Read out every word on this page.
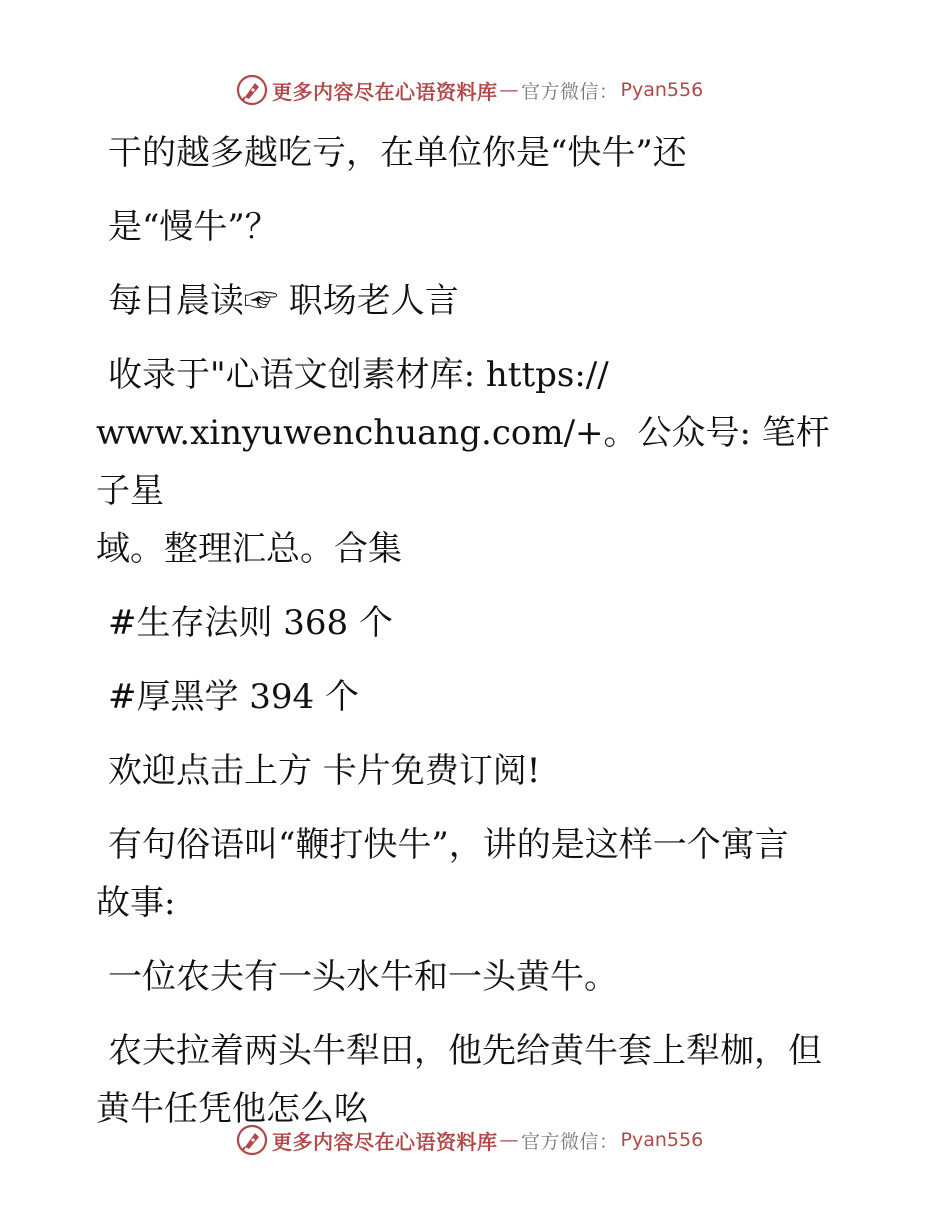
更多内容尽在心语资料库 — 官方微信： Pyan556

干的越多越吃亏，在单位你是“快牛”还

是“慢牛”？

每日晨读☞ 职场老人言

收录于"心语文创素材库: https://

www.xinyuwenchuang.com/+。公众号: 笔杆子星

域。整理汇总。合集

#生存法则 368 个

#厚黑学 394 个

欢迎点击上方 卡片免费订阅!

有句俗语叫“鞭打快牛”，讲的是这样一个寓言

故事:

一位农夫有一头水牛和一头黄牛。

农夫拉着两头牛犁田，他先给黄牛套上犁枷，但

黄牛任凭他怎么吆

更多内容尽在心语资料库 — 官方微信： Pyan556
